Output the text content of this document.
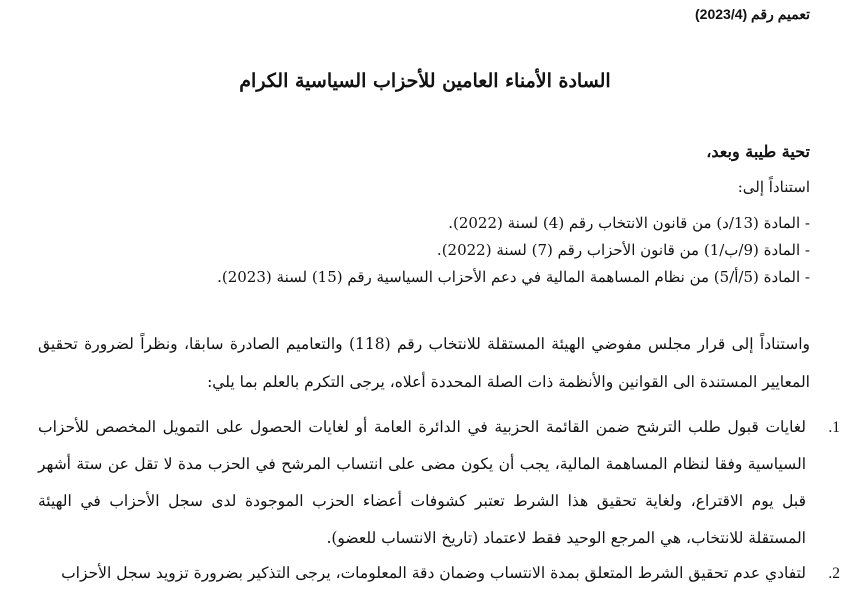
تعميم رقم (2023/4)
السادة الأمناء العامين للأحزاب السياسية الكرام
تحية طيبة وبعد،
استناداً إلى:
- المادة (13/د) من قانون الانتخاب رقم (4) لسنة (2022).
- المادة (9/ب/1) من قانون الأحزاب رقم (7) لسنة (2022).
- المادة (5/أ/5) من نظام المساهمة المالية في دعم الأحزاب السياسية رقم (15) لسنة (2023).
واستناداً إلى قرار مجلس مفوضي الهيئة المستقلة للانتخاب رقم (118) والتعاميم الصادرة سابقا، ونظراً لضرورة تحقيق المعايير المستندة الى القوانين والأنظمة ذات الصلة المحددة أعلاه، يرجى التكرم بالعلم بما يلي:
1.
لغايات قبول طلب الترشح ضمن القائمة الحزبية في الدائرة العامة أو لغايات الحصول على التمويل المخصص للأحزاب السياسية وفقا لنظام المساهمة المالية، يجب أن يكون مضى على انتساب المرشح في الحزب مدة لا تقل عن ستة أشهر قبل يوم الاقتراع، ولغاية تحقيق هذا الشرط تعتبر كشوفات أعضاء الحزب الموجودة لدى سجل الأحزاب في الهيئة المستقلة للانتخاب، هي المرجع الوحيد فقط لاعتماد (تاريخ الانتساب للعضو).
2.
لتفادي عدم تحقيق الشرط المتعلق بمدة الانتساب وضمان دقة المعلومات، يرجى التذكير بضرورة تزويد سجل الأحزاب
